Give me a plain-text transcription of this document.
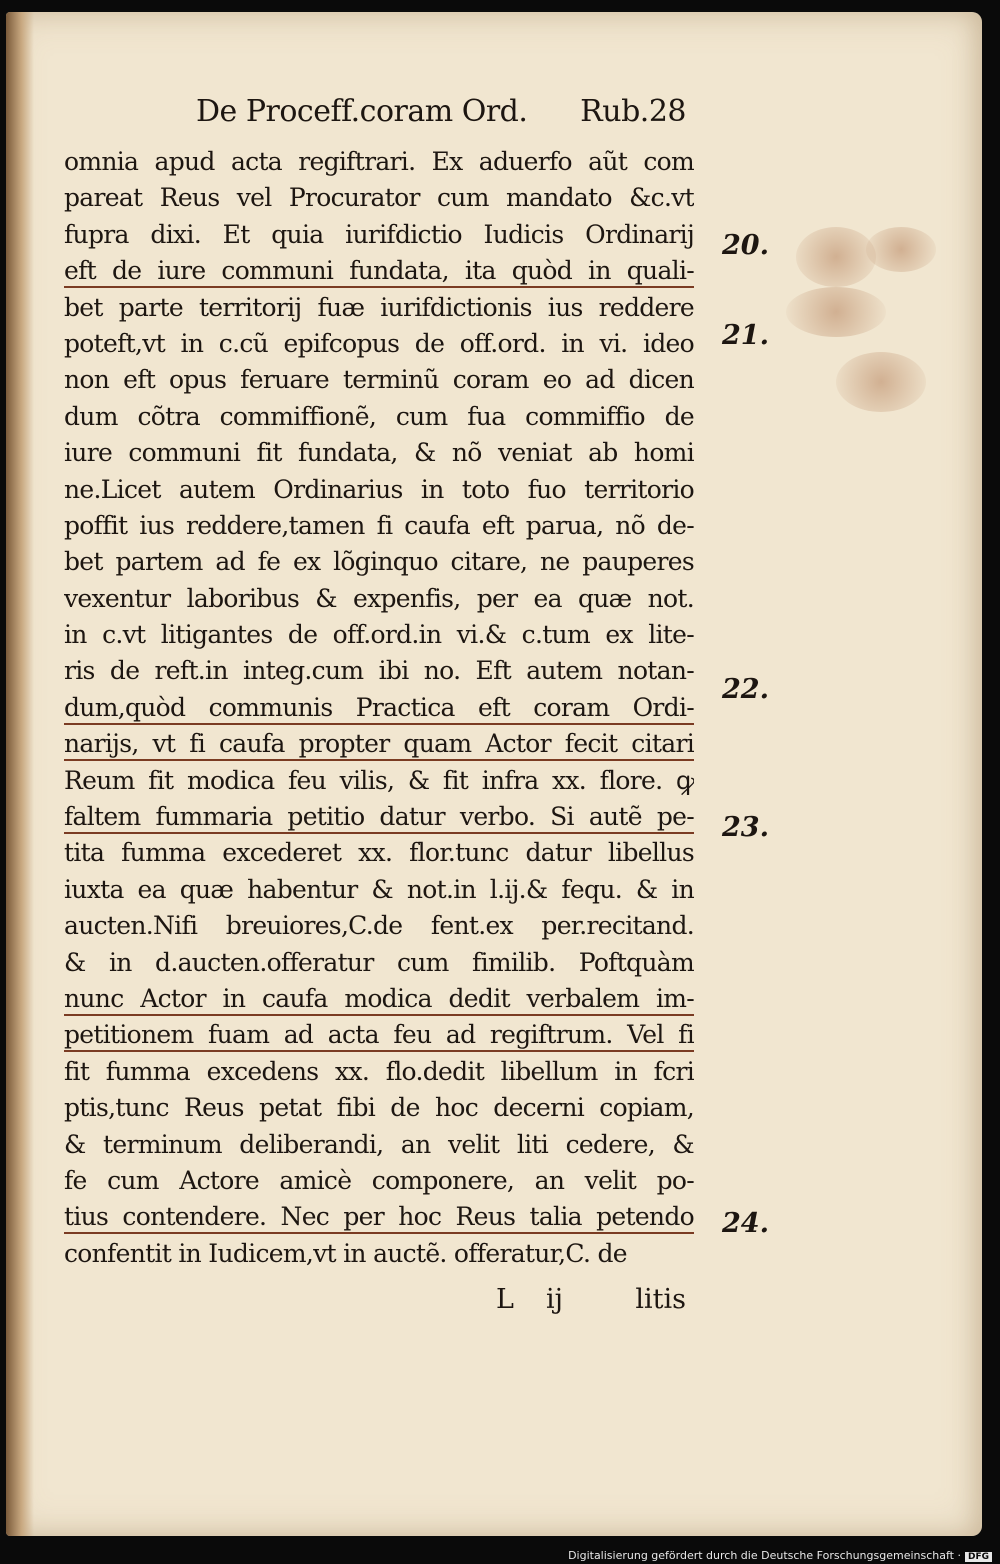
De Proceff.coram Ord. Rub.28
omnia apud acta regiftrari. Ex aduerfo aũt com
pareat Reus vel Procurator cum mandato &c.vt
fupra dixi. Et quia iurifdictio Iudicis Ordinarij
eft de iure communi fundata, ita quòd in quali-
bet parte territorij fuæ iurifdictionis ius reddere
poteft,vt in c.cũ epifcopus de off.ord. in vi. ideo
non eft opus feruare terminũ coram eo ad dicen
dum cõtra commiffionẽ, cum fua commiffio de
iure communi fit fundata, & nõ veniat ab homi
ne.Licet autem Ordinarius in toto fuo territorio
poffit ius reddere,tamen fi caufa eft parua, nõ de-
bet partem ad fe ex lõginquo citare, ne pauperes
vexentur laboribus & expenfis, per ea quæ not.
in c.vt litigantes de off.ord.in vi.& c.tum ex lite-
ris de reft.in integ.cum ibi no. Eft autem notan-
dum,quòd communis Practica eft coram Ordi-
narijs, vt fi caufa propter quam Actor fecit citari
Reum fit modica feu vilis, & fit infra xx. flore. ꝙ
faltem fummaria petitio datur verbo. Si autẽ pe-
tita fumma excederet xx. flor.tunc datur libellus
iuxta ea quæ habentur & not.in l.ij.& fequ. & in
aucten.Nifi breuiores,C.de fent.ex per.recitand.
& in d.aucten.offeratur cum fimilib. Poftquàm
nunc Actor in caufa modica dedit verbalem im-
petitionem fuam ad acta feu ad regiftrum. Vel fi
fit fumma excedens xx. flo.dedit libellum in fcri
ptis,tunc Reus petat fibi de hoc decerni copiam,
& terminum deliberandi, an velit liti cedere, &
fe cum Actore amicè componere, an velit po-
tius contendere. Nec per hoc Reus talia petendo
confentit in Iudicem,vt in auctẽ. offeratur,C. de
20.
21.
22.
23.
24.
L ij	litis
Digitalisierung gefördert durch die Deutsche Forschungsgemeinschaft · DFG
